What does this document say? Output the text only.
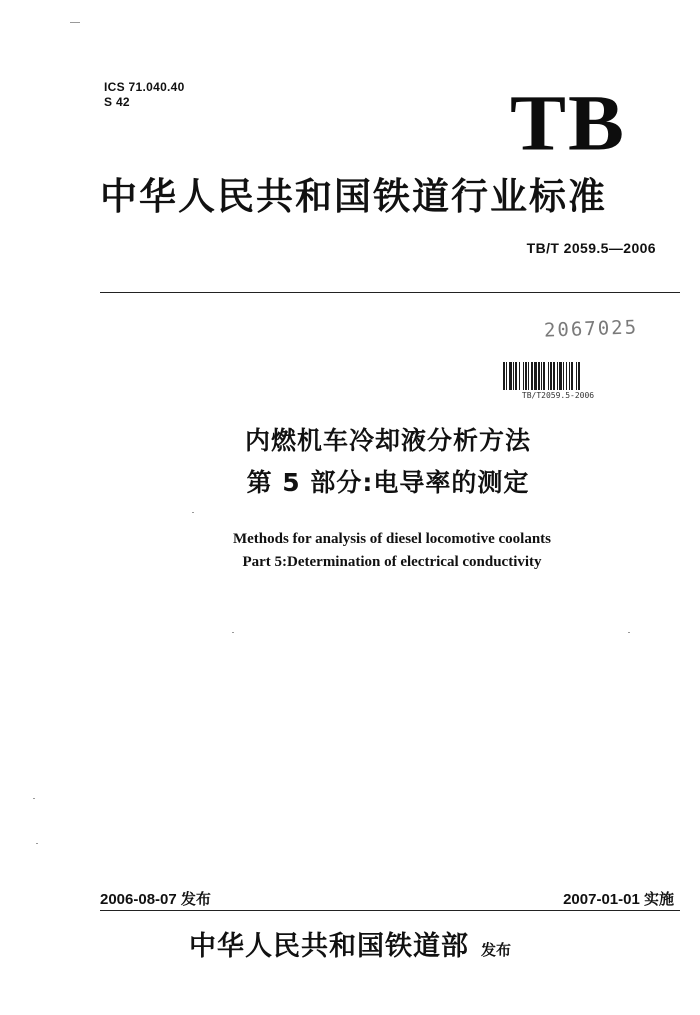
ICS 71.040.40
S 42	TB
中华人民共和国铁道行业标准
TB/T 2059.5—2006
2067025
TB/T2059.5-2006
内燃机车冷却液分析方法
第 5 部分:电导率的测定
Methods for analysis of diesel locomotive coolants
Part 5:Determination of electrical conductivity
2006-08-07 发布	2007-01-01 实施
中华人民共和国铁道部 发布
